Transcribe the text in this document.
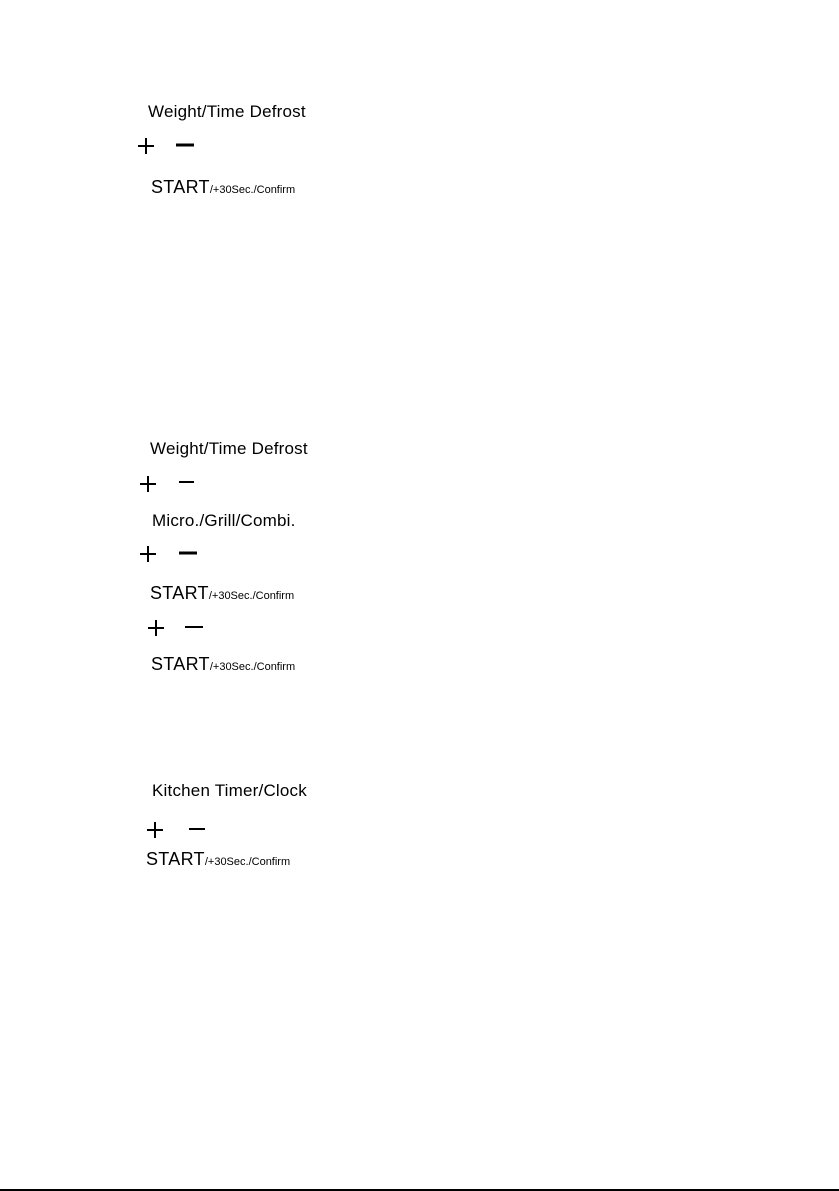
Weight/Time Defrost
START/+30Sec./Confirm
Weight/Time Defrost
Micro./Grill/Combi.
START/+30Sec./Confirm
START/+30Sec./Confirm
Kitchen Timer/Clock
START/+30Sec./Confirm
